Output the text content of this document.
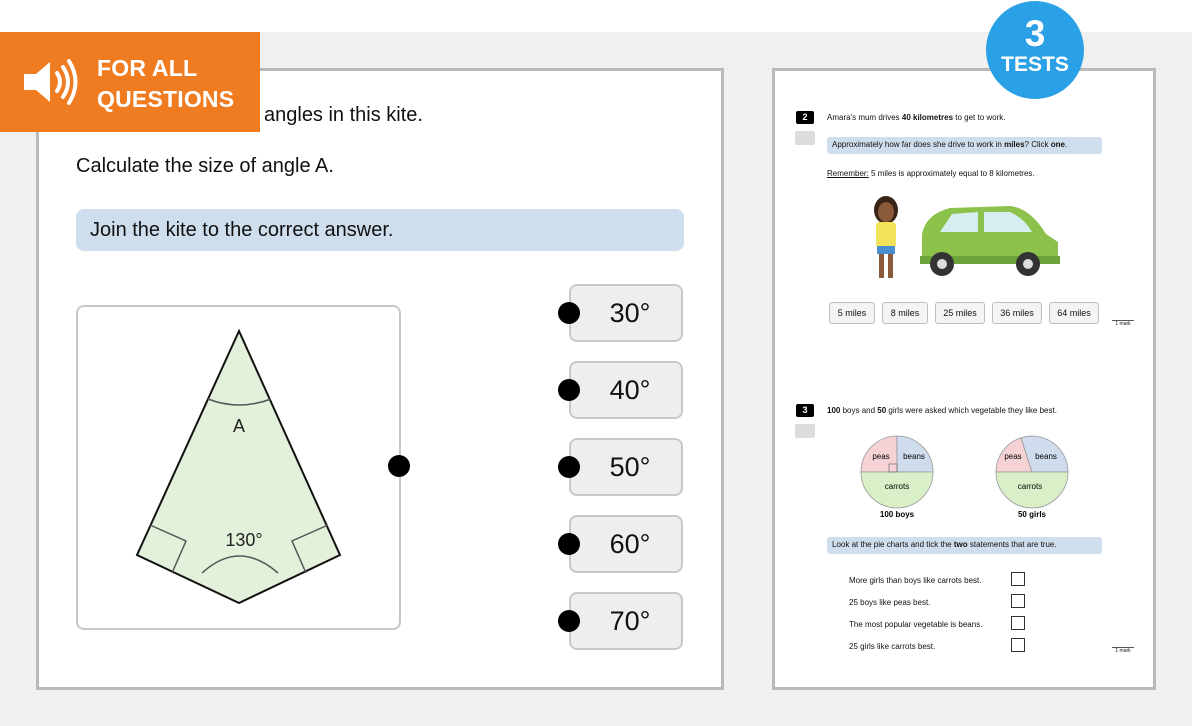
FOR ALL
QUESTIONS
3
TESTS
angles in this kite.
Calculate the size of angle A.
Join the kite to the correct answer.
A
130°
30°
40°
50°
60°
70°
2	Amara's mum drives 40 kilometres to get to work.
Approximately how far does she drive to work in miles? Click one.
Remember: 5 miles is approximately equal to 8 kilometres.
5 miles	8 miles	25 miles	36 miles	64 miles
1 mark
3	100 boys and 50 girls were asked which vegetable they like best.
peas beans
carrots
100 boys
peas beans
carrots
50 girls
Look at the pie charts and tick the two statements that are true.
More girls than boys like carrots best.
25 boys like peas best.
The most popular vegetable is beans.
25 girls like carrots best.	1 mark
